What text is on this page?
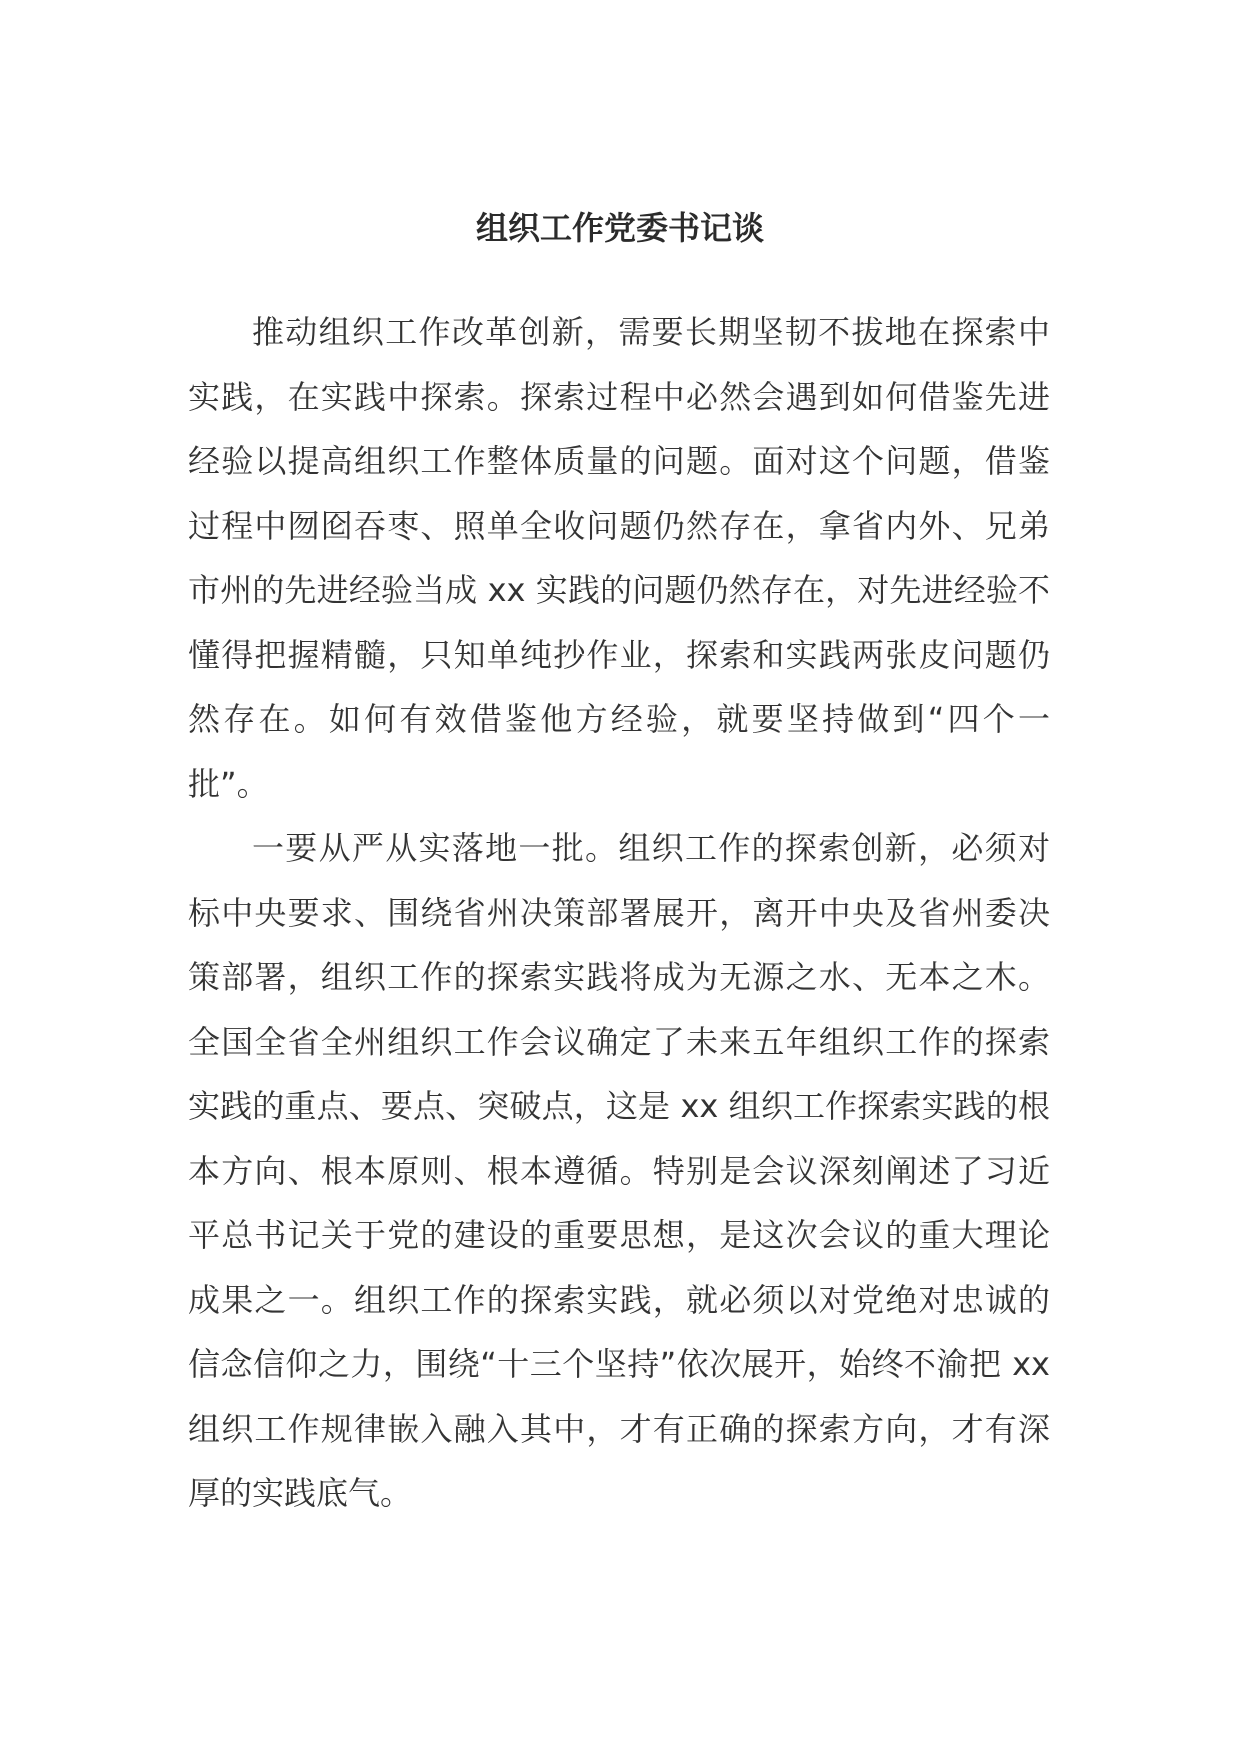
组织工作党委书记谈

推动组织工作改革创新，需要长期坚韧不拔地在探索中实践，在实践中探索。探索过程中必然会遇到如何借鉴先进经验以提高组织工作整体质量的问题。面对这个问题，借鉴过程中囫囵吞枣、照单全收问题仍然存在，拿省内外、兄弟市州的先进经验当成 xx 实践的问题仍然存在，对先进经验不懂得把握精髓，只知单纯抄作业，探索和实践两张皮问题仍然存在。如何有效借鉴他方经验，就要坚持做到“四个一批”。

一要从严从实落地一批。组织工作的探索创新，必须对标中央要求、围绕省州决策部署展开，离开中央及省州委决策部署，组织工作的探索实践将成为无源之水、无本之木。全国全省全州组织工作会议确定了未来五年组织工作的探索实践的重点、要点、突破点，这是 xx 组织工作探索实践的根本方向、根本原则、根本遵循。特别是会议深刻阐述了习近平总书记关于党的建设的重要思想，是这次会议的重大理论成果之一。组织工作的探索实践，就必须以对党绝对忠诚的信念信仰之力，围绕“十三个坚持”依次展开，始终不渝把 xx 组织工作规律嵌入融入其中，才有正确的探索方向，才有深厚的实践底气。
